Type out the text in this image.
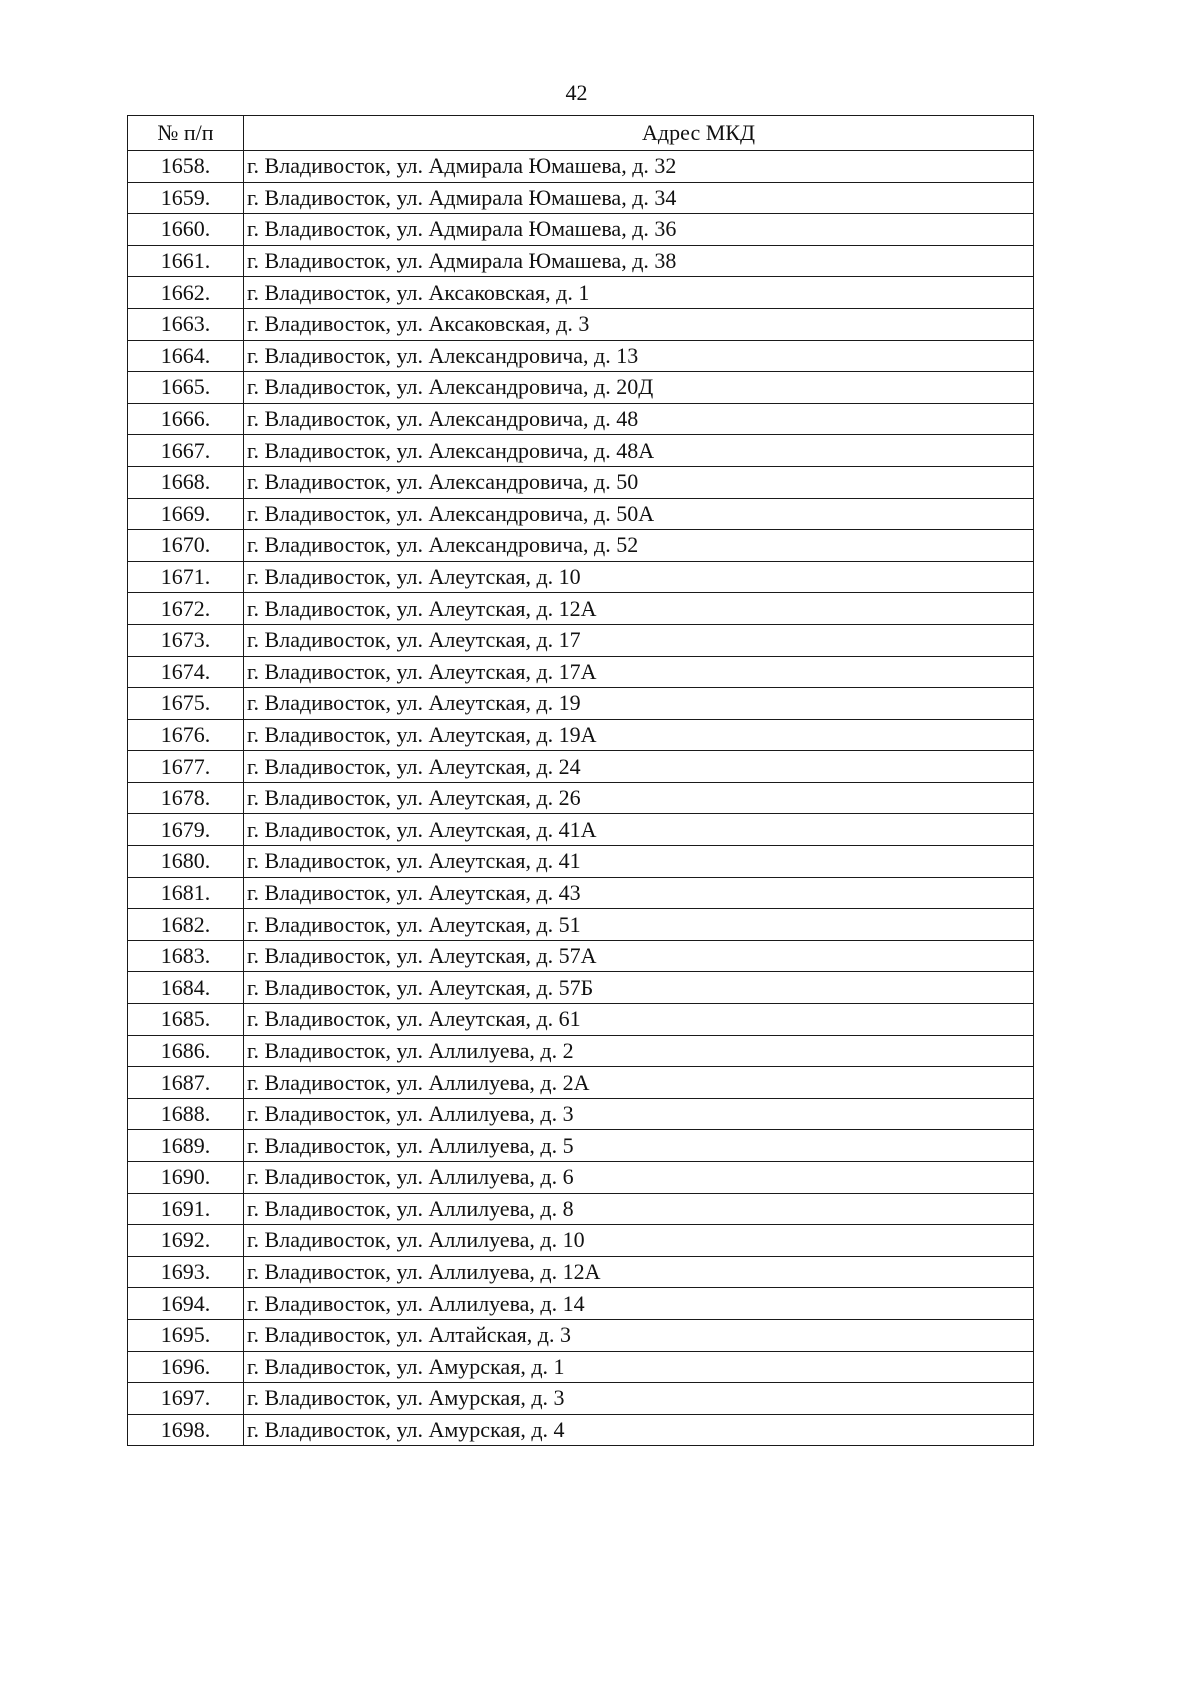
42
№ п/п	Адрес МКД
1658.	г. Владивосток, ул. Адмирала Юмашева, д. 32
1659.	г. Владивосток, ул. Адмирала Юмашева, д. 34
1660.	г. Владивосток, ул. Адмирала Юмашева, д. 36
1661.	г. Владивосток, ул. Адмирала Юмашева, д. 38
1662.	г. Владивосток, ул. Аксаковская, д. 1
1663.	г. Владивосток, ул. Аксаковская, д. 3
1664.	г. Владивосток, ул. Александровича, д. 13
1665.	г. Владивосток, ул. Александровича, д. 20Д
1666.	г. Владивосток, ул. Александровича, д. 48
1667.	г. Владивосток, ул. Александровича, д. 48А
1668.	г. Владивосток, ул. Александровича, д. 50
1669.	г. Владивосток, ул. Александровича, д. 50А
1670.	г. Владивосток, ул. Александровича, д. 52
1671.	г. Владивосток, ул. Алеутская, д. 10
1672.	г. Владивосток, ул. Алеутская, д. 12А
1673.	г. Владивосток, ул. Алеутская, д. 17
1674.	г. Владивосток, ул. Алеутская, д. 17А
1675.	г. Владивосток, ул. Алеутская, д. 19
1676.	г. Владивосток, ул. Алеутская, д. 19А
1677.	г. Владивосток, ул. Алеутская, д. 24
1678.	г. Владивосток, ул. Алеутская, д. 26
1679.	г. Владивосток, ул. Алеутская, д. 41А
1680.	г. Владивосток, ул. Алеутская, д. 41
1681.	г. Владивосток, ул. Алеутская, д. 43
1682.	г. Владивосток, ул. Алеутская, д. 51
1683.	г. Владивосток, ул. Алеутская, д. 57А
1684.	г. Владивосток, ул. Алеутская, д. 57Б
1685.	г. Владивосток, ул. Алеутская, д. 61
1686.	г. Владивосток, ул. Аллилуева, д. 2
1687.	г. Владивосток, ул. Аллилуева, д. 2А
1688.	г. Владивосток, ул. Аллилуева, д. 3
1689.	г. Владивосток, ул. Аллилуева, д. 5
1690.	г. Владивосток, ул. Аллилуева, д. 6
1691.	г. Владивосток, ул. Аллилуева, д. 8
1692.	г. Владивосток, ул. Аллилуева, д. 10
1693.	г. Владивосток, ул. Аллилуева, д. 12А
1694.	г. Владивосток, ул. Аллилуева, д. 14
1695.	г. Владивосток, ул. Алтайская, д. 3
1696.	г. Владивосток, ул. Амурская, д. 1
1697.	г. Владивосток, ул. Амурская, д. 3
1698.	г. Владивосток, ул. Амурская, д. 4
